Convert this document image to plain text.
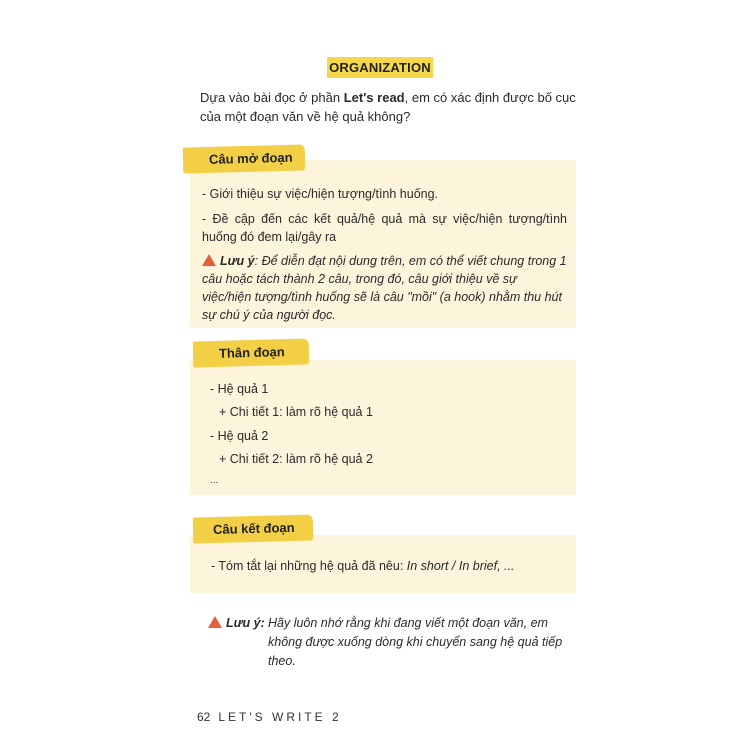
ORGANIZATION
Dựa vào bài đọc ở phần Let's read, em có xác định được bố cục của một đoạn văn về hệ quả không?
Câu mở đoạn
- Giới thiệu sự việc/hiện tượng/tình huống.
- Đề cập đến các kết quả/hệ quả mà sự việc/hiện tượng/tình huống đó đem lại/gây ra
Lưu ý: Để diễn đạt nội dung trên, em có thể viết chung trong 1 câu hoặc tách thành 2 câu, trong đó, câu giới thiệu về sự việc/hiện tượng/tình huống sẽ là câu "mồi" (a hook) nhằm thu hút sự chú ý của người đọc.
Thân đoạn
- Hệ quả 1
+ Chi tiết 1: làm rõ hệ quả 1
- Hệ quả 2
+ Chi tiết 2: làm rõ hệ quả 2
...
Câu kết đoạn
- Tóm tắt lại những hệ quả đã nêu: In short / In brief, ...
Lưu ý: Hãy luôn nhớ rằng khi đang viết một đoạn văn, em không được xuống dòng khi chuyển sang hệ quả tiếp theo.
62 LET'S WRITE 2
